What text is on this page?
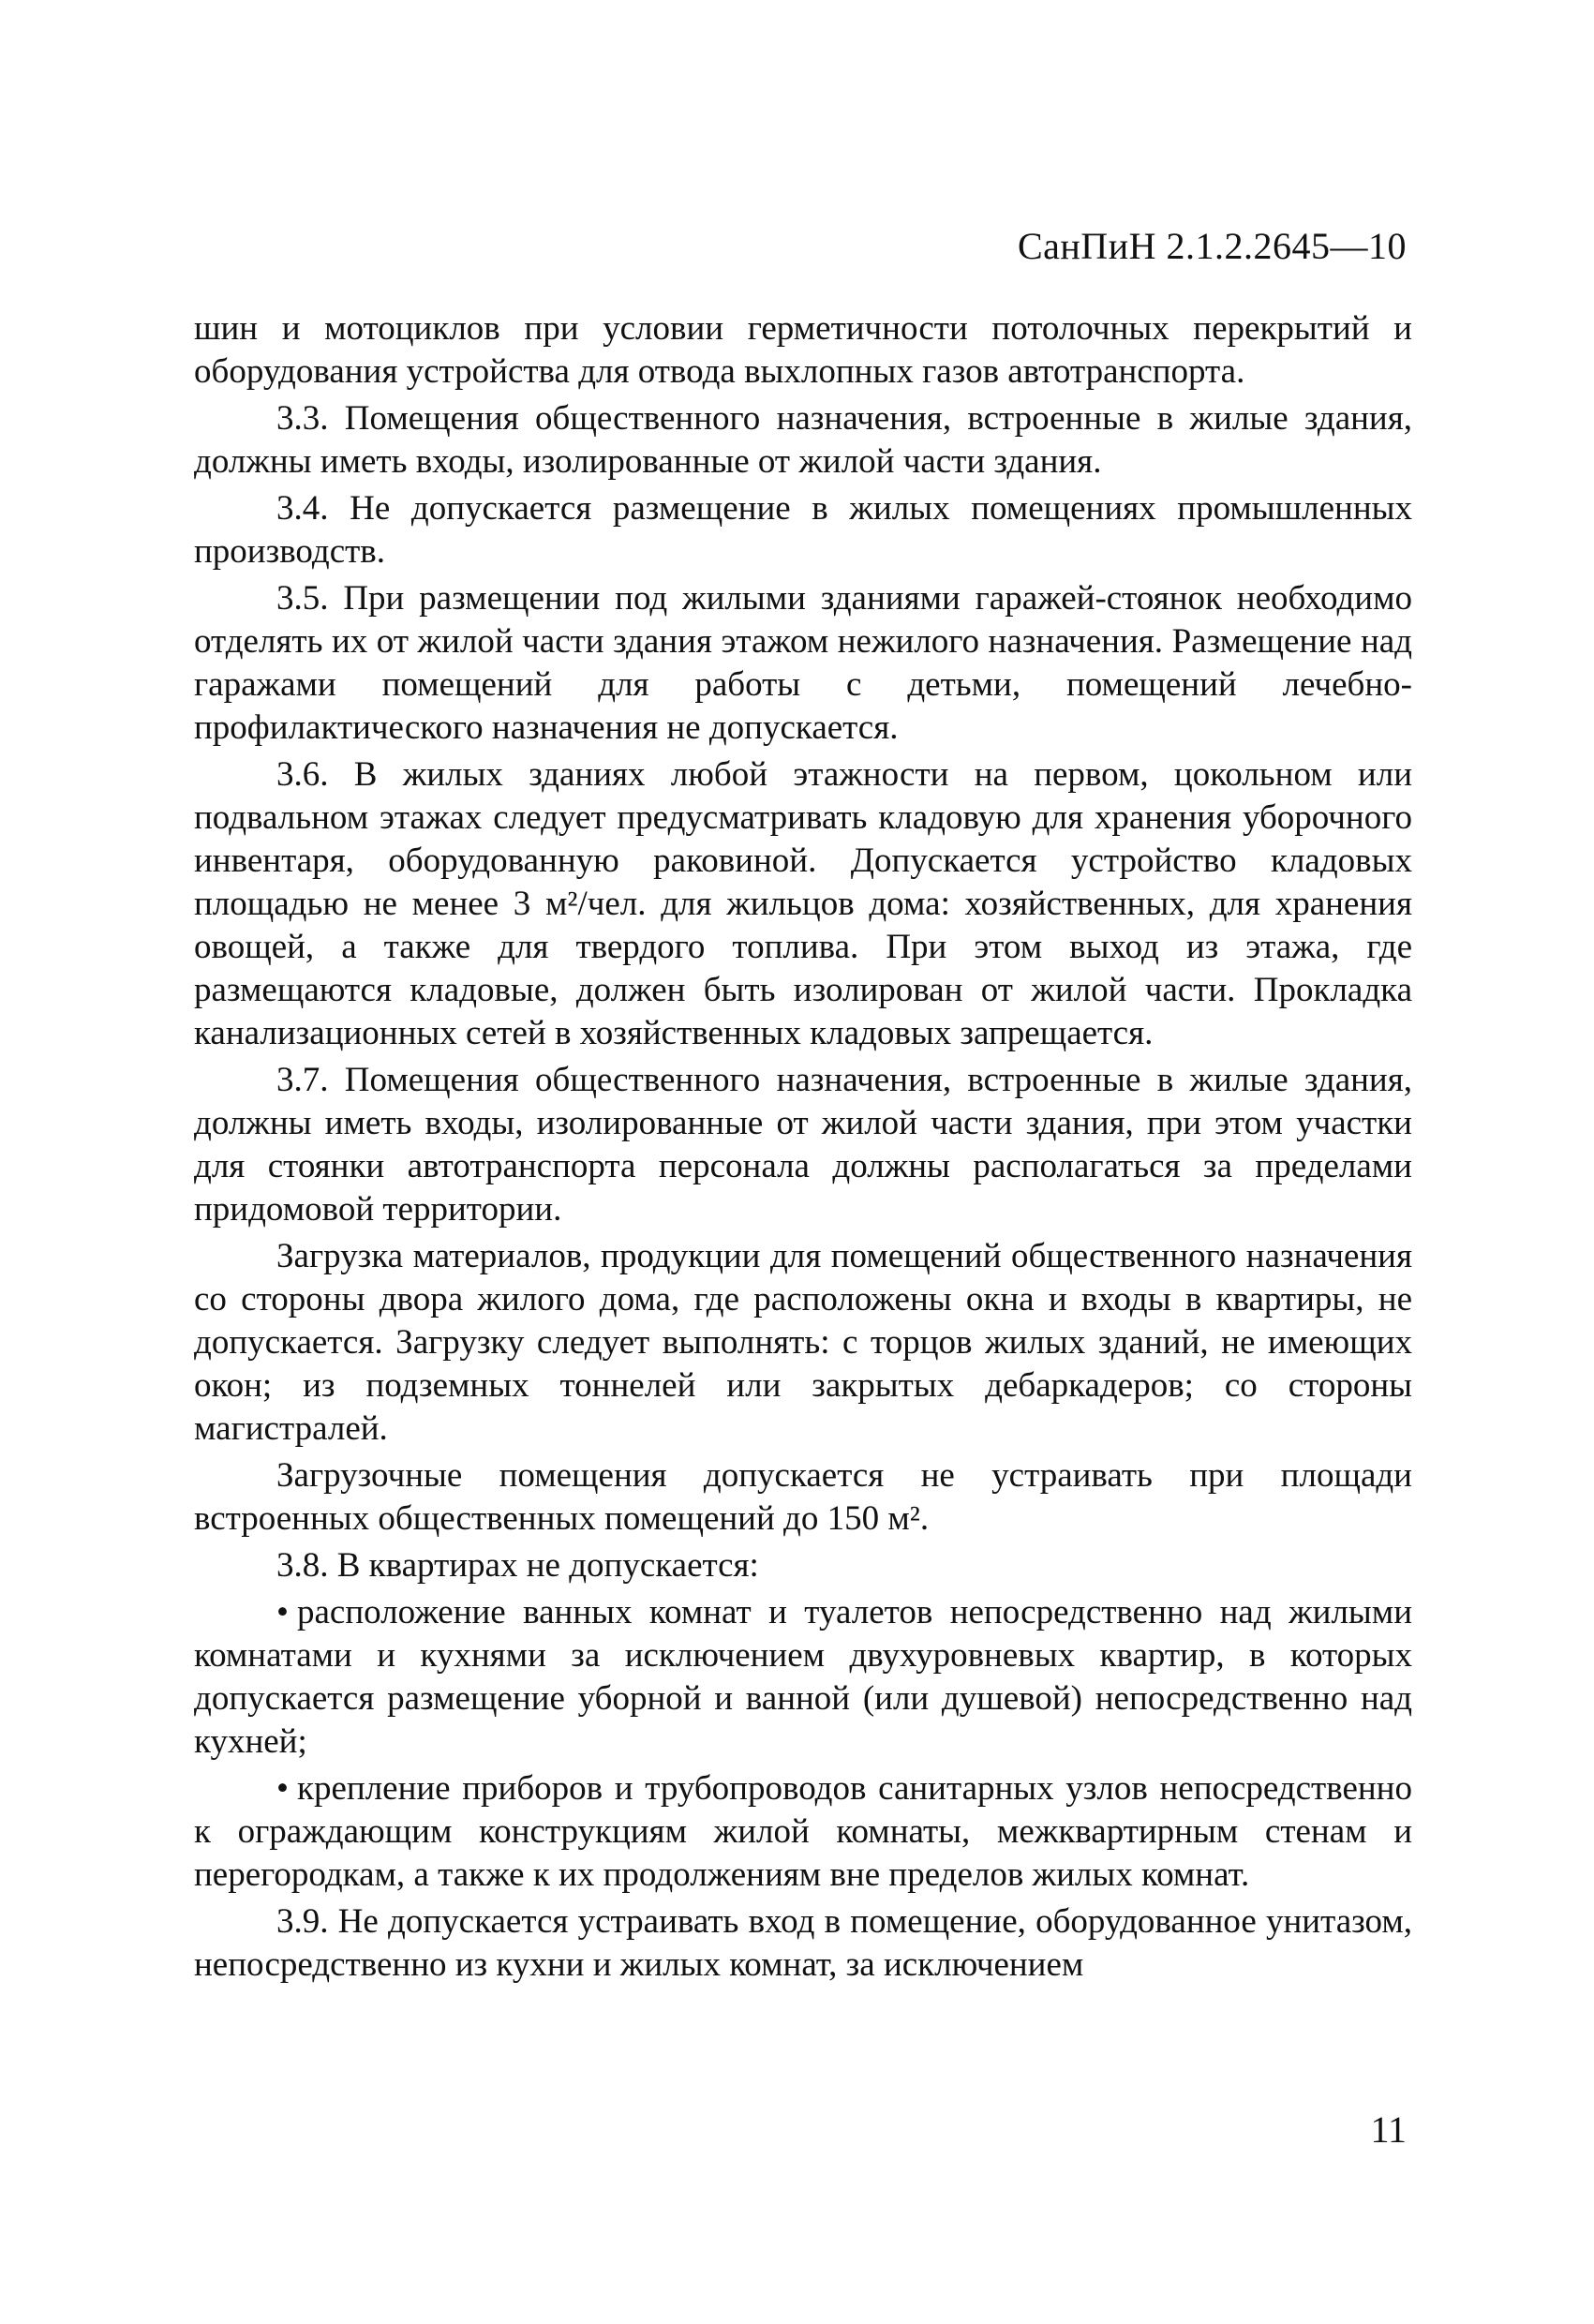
СанПиН 2.1.2.2645—10

шин и мотоциклов при условии герметичности потолочных перекрытий и оборудования устройства для отвода выхлопных газов автотранспорта.

3.3. Помещения общественного назначения, встроенные в жилые здания, должны иметь входы, изолированные от жилой части здания.

3.4. Не допускается размещение в жилых помещениях промышленных производств.

3.5. При размещении под жилыми зданиями гаражей-стоянок необходимо отделять их от жилой части здания этажом нежилого назначения. Размещение над гаражами помещений для работы с детьми, помещений лечебно-профилактического назначения не допускается.

3.6. В жилых зданиях любой этажности на первом, цокольном или подвальном этажах следует предусматривать кладовую для хранения уборочного инвентаря, оборудованную раковиной. Допускается устройство кладовых площадью не менее 3 м²/чел. для жильцов дома: хозяйственных, для хранения овощей, а также для твердого топлива. При этом выход из этажа, где размещаются кладовые, должен быть изолирован от жилой части. Прокладка канализационных сетей в хозяйственных кладовых запрещается.

3.7. Помещения общественного назначения, встроенные в жилые здания, должны иметь входы, изолированные от жилой части здания, при этом участки для стоянки автотранспорта персонала должны располагаться за пределами придомовой территории.

Загрузка материалов, продукции для помещений общественного назначения со стороны двора жилого дома, где расположены окна и входы в квартиры, не допускается. Загрузку следует выполнять: с торцов жилых зданий, не имеющих окон; из подземных тоннелей или закрытых дебаркадеров; со стороны магистралей.

Загрузочные помещения допускается не устраивать при площади встроенных общественных помещений до 150 м².

3.8. В квартирах не допускается:

• расположение ванных комнат и туалетов непосредственно над жилыми комнатами и кухнями за исключением двухуровневых квартир, в которых допускается размещение уборной и ванной (или душевой) непосредственно над кухней;

• крепление приборов и трубопроводов санитарных узлов непосредственно к ограждающим конструкциям жилой комнаты, межквартирным стенам и перегородкам, а также к их продолжениям вне пределов жилых комнат.

3.9. Не допускается устраивать вход в помещение, оборудованное унитазом, непосредственно из кухни и жилых комнат, за исключением

11
